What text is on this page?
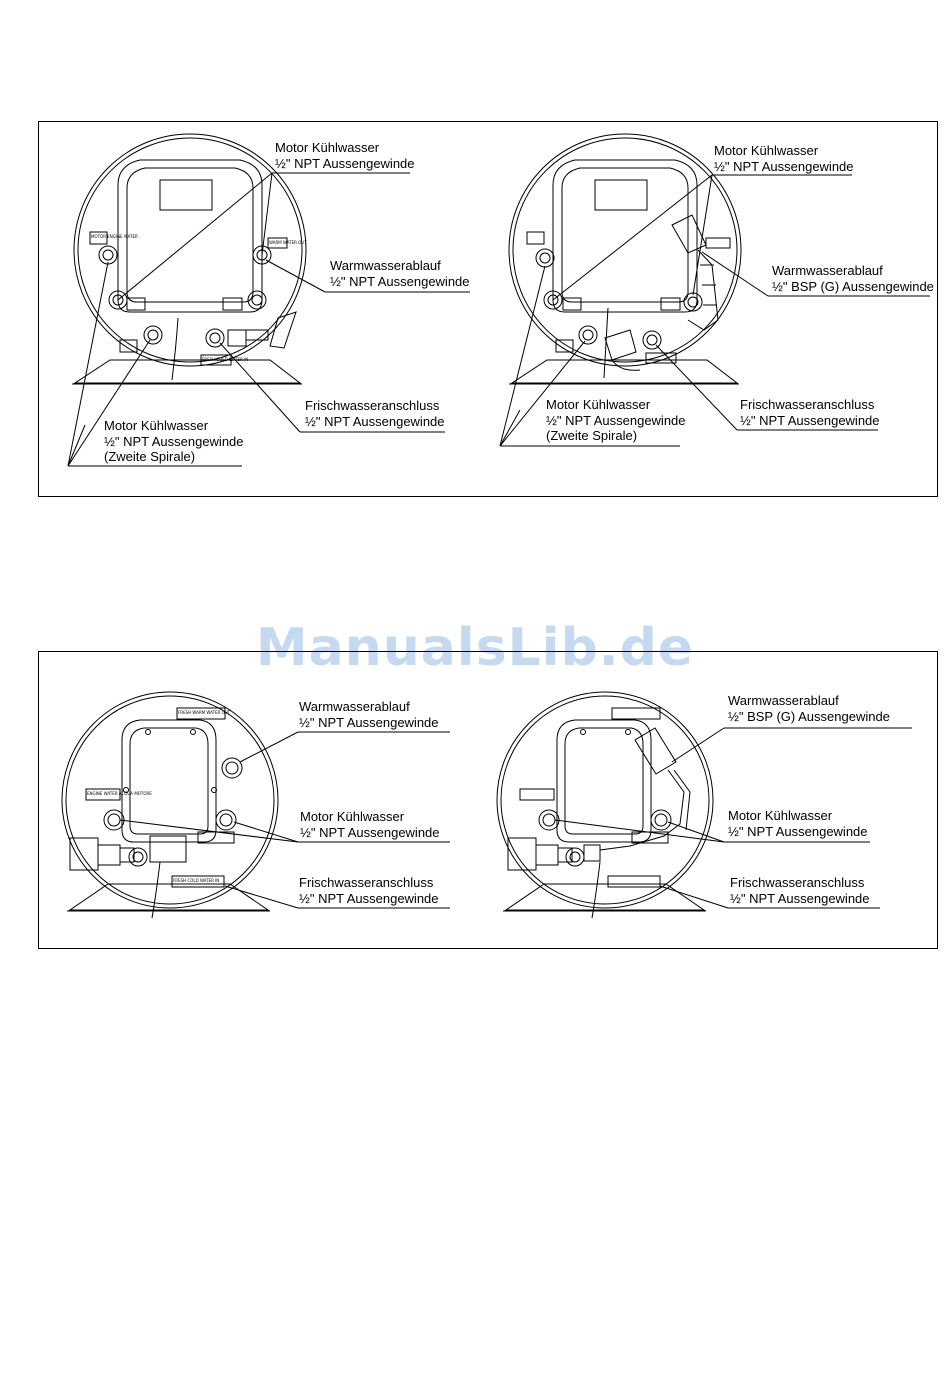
MOTOR ENGINE WATER
WARM WATER OUT
FRESH COLD WATER IN
ENGINE WATER ACQUA MOTORE
FRESH WARM WATER OUT
FRESH COLD WATER IN
Motor Kühlwasser
½" NPT Aussengewinde
Warmwasserablauf
½" NPT Aussengewinde
Frischwasseranschluss
½" NPT Aussengewinde
Motor Kühlwasser
½" NPT Aussengewinde
(Zweite Spirale)
Motor Kühlwasser
½" NPT Aussengewinde
Warmwasserablauf
½" BSP (G) Aussengewinde
Frischwasseranschluss
½" NPT Aussengewinde
Motor Kühlwasser
½" NPT Aussengewinde
(Zweite Spirale)
ManualsLib.de
Warmwasserablauf
½" NPT Aussengewinde
Motor Kühlwasser
½" NPT Aussengewinde
Frischwasseranschluss
½" NPT Aussengewinde
Warmwasserablauf
½" BSP (G) Aussengewinde
Motor Kühlwasser
½" NPT Aussengewinde
Frischwasseranschluss
½" NPT Aussengewinde
